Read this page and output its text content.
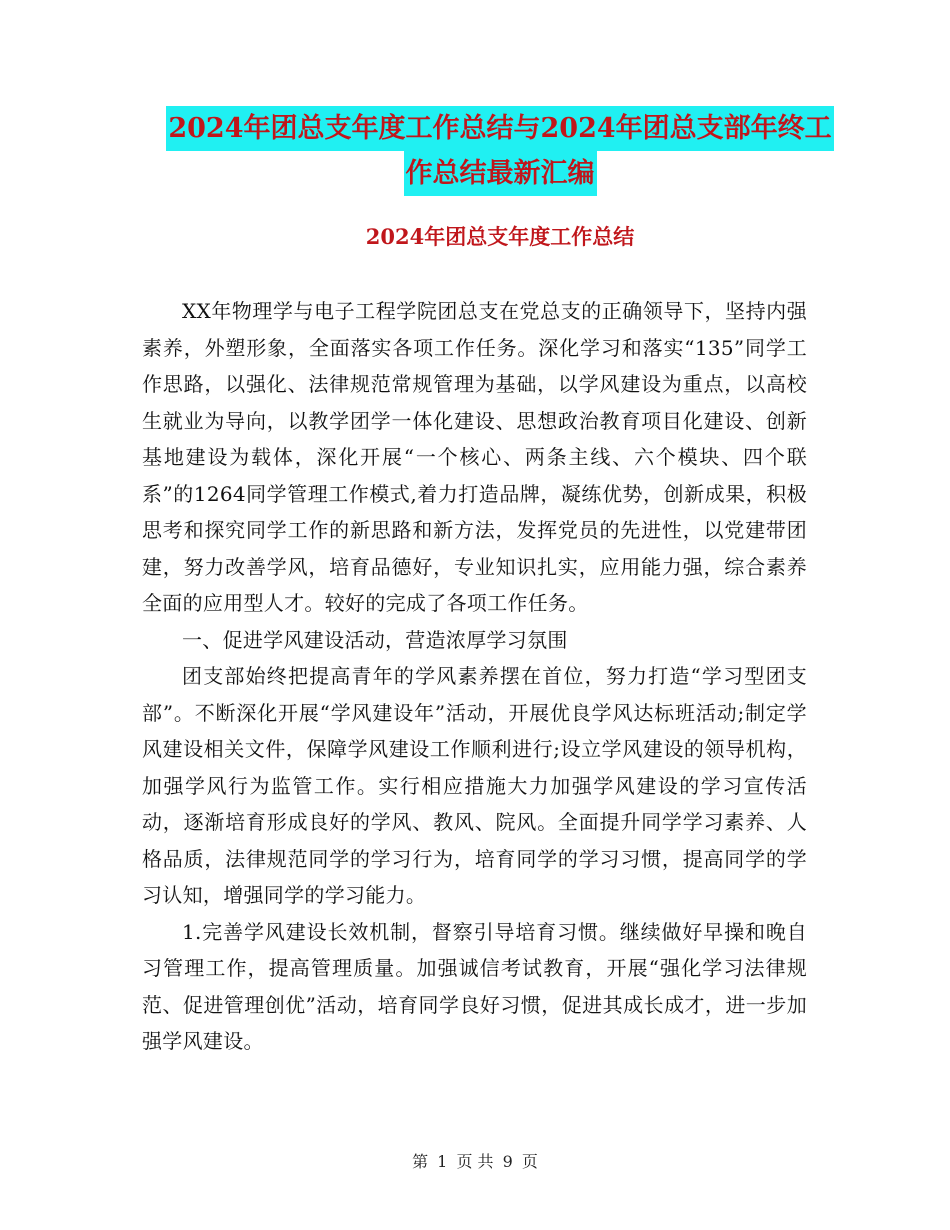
2024年团总支年度工作总结与2024年团总支部年终工
作总结最新汇编
2024年团总支年度工作总结

XX年物理学与电子工程学院团总支在党总支的正确领导下，坚持内强素养，外塑形象，全面落实各项工作任务。深化学习和落实“135”同学工作思路，以强化、法律规范常规管理为基础，以学风建设为重点，以高校生就业为导向，以教学团学一体化建设、思想政治教育项目化建设、创新基地建设为载体，深化开展“一个核心、两条主线、六个模块、四个联系”的1264同学管理工作模式,着力打造品牌，凝练优势，创新成果，积极思考和探究同学工作的新思路和新方法，发挥党员的先进性，以党建带团建，努力改善学风，培育品德好，专业知识扎实，应用能力强，综合素养全面的应用型人才。较好的完成了各项工作任务。

一、促进学风建设活动，营造浓厚学习氛围

团支部始终把提高青年的学风素养摆在首位，努力打造“学习型团支部”。不断深化开展“学风建设年”活动，开展优良学风达标班活动;制定学风建设相关文件，保障学风建设工作顺利进行;设立学风建设的领导机构，加强学风行为监管工作。实行相应措施大力加强学风建设的学习宣传活动，逐渐培育形成良好的学风、教风、院风。全面提升同学学习素养、人格品质，法律规范同学的学习行为，培育同学的学习习惯，提高同学的学习认知，增强同学的学习能力。

1.完善学风建设长效机制，督察引导培育习惯。继续做好早操和晚自习管理工作，提高管理质量。加强诚信考试教育，开展“强化学习法律规范、促进管理创优”活动，培育同学良好习惯，促进其成长成才，进一步加强学风建设。

第 1 页 共 9 页
